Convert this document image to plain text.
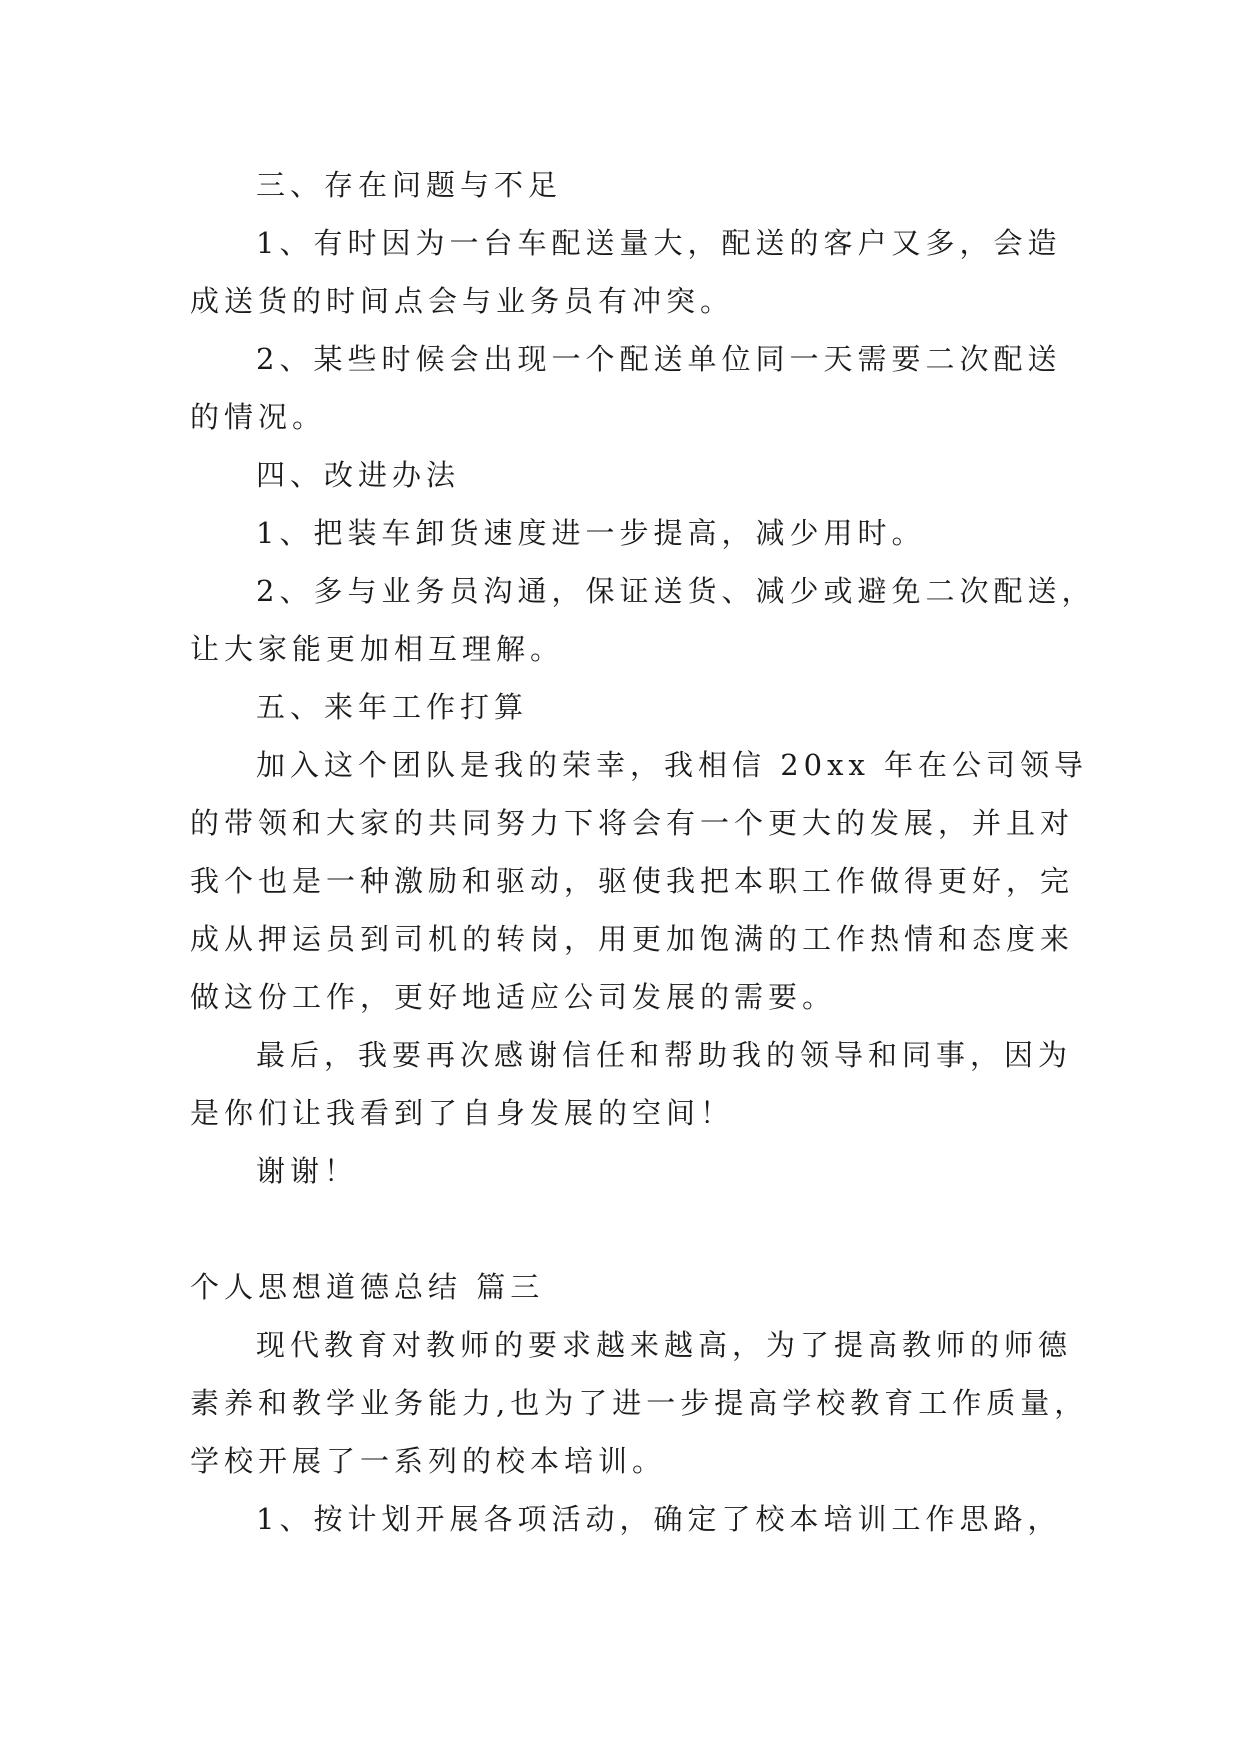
三、存在问题与不足
1、有时因为一台车配送量大，配送的客户又多，会造
成送货的时间点会与业务员有冲突。
2、某些时候会出现一个配送单位同一天需要二次配送
的情况。
四、改进办法
1、把装车卸货速度进一步提高，减少用时。
2、多与业务员沟通，保证送货、减少或避免二次配送，
让大家能更加相互理解。
五、来年工作打算
加入这个团队是我的荣幸，我相信 20xx 年在公司领导
的带领和大家的共同努力下将会有一个更大的发展，并且对
我个也是一种激励和驱动，驱使我把本职工作做得更好，完
成从押运员到司机的转岗，用更加饱满的工作热情和态度来
做这份工作，更好地适应公司发展的需要。
最后，我要再次感谢信任和帮助我的领导和同事，因为
是你们让我看到了自身发展的空间！
谢谢！
个人思想道德总结 篇三
现代教育对教师的要求越来越高，为了提高教师的师德
素养和教学业务能力,也为了进一步提高学校教育工作质量，
学校开展了一系列的校本培训。
1、按计划开展各项活动，确定了校本培训工作思路，
